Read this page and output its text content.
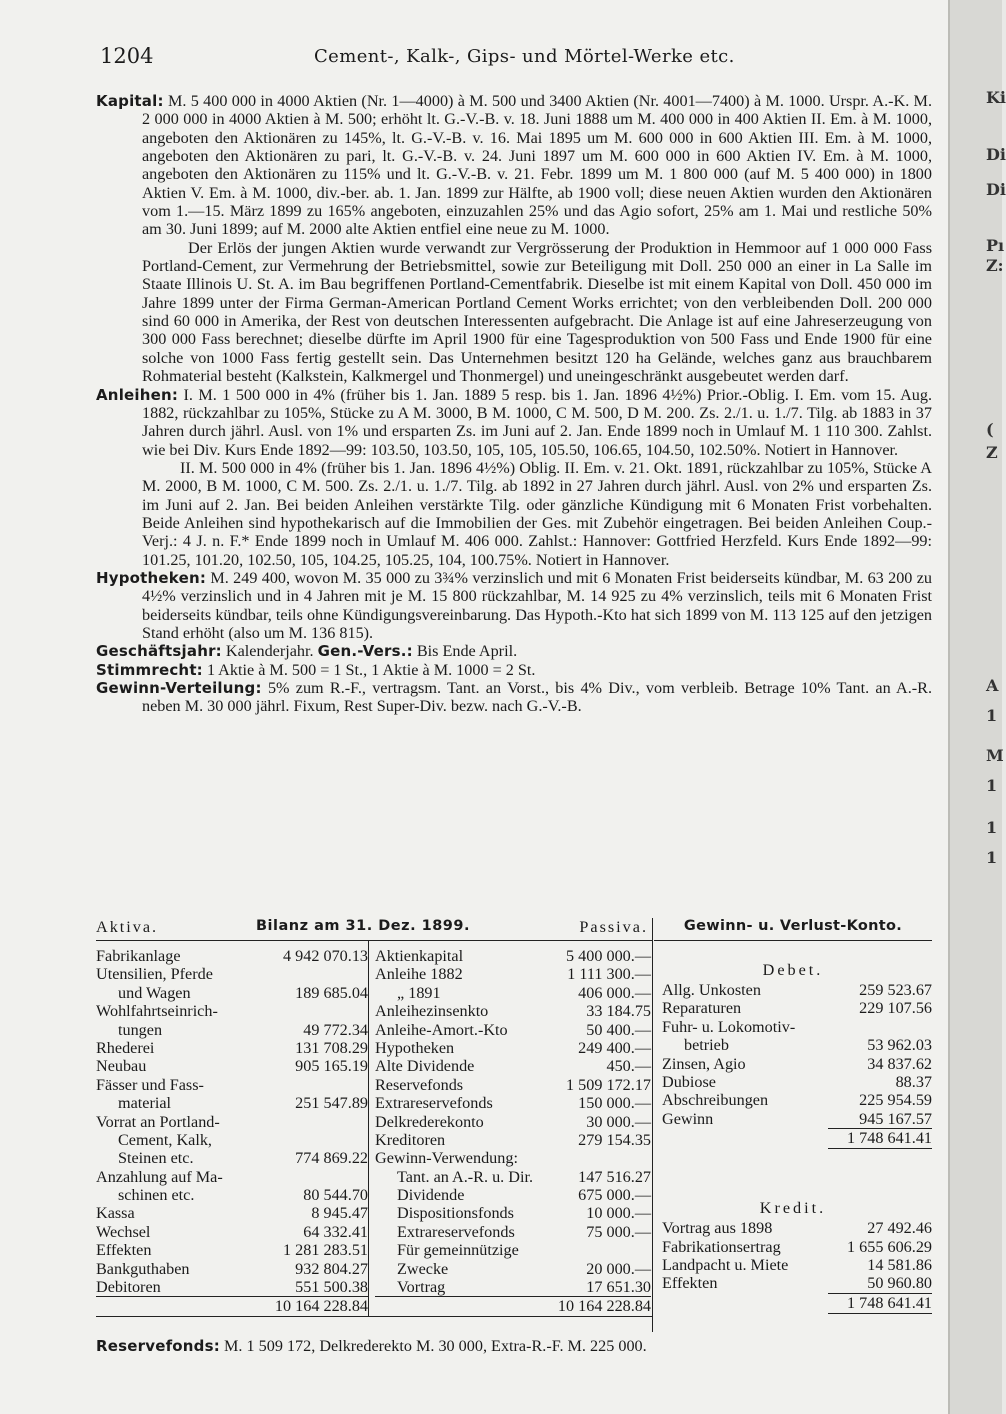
Ki
Di
Di
Pı
Z:
(
Z
A
1
M
1
1
1
1204	Cement-, Kalk-, Gips- und Mörtel-Werke etc.

Kapital: M. 5 400 000 in 4000 Aktien (Nr. 1—4000) à M. 500 und 3400 Aktien (Nr. 4001—7400) à M. 1000. Urspr. A.-K. M. 2 000 000 in 4000 Aktien à M. 500; erhöht lt. G.-V.-B. v. 18. Juni 1888 um M. 400 000 in 400 Aktien II. Em. à M. 1000, angeboten den Aktionären zu 145%, lt. G.-V.-B. v. 16. Mai 1895 um M. 600 000 in 600 Aktien III. Em. à M. 1000, angeboten den Aktionären zu pari, lt. G.-V.-B. v. 24. Juni 1897 um M. 600 000 in 600 Aktien IV. Em. à M. 1000, angeboten den Aktionären zu 115% und lt. G.-V.-B. v. 21. Febr. 1899 um M. 1 800 000 (auf M. 5 400 000) in 1800 Aktien V. Em. à M. 1000, div.-ber. ab. 1. Jan. 1899 zur Hälfte, ab 1900 voll; diese neuen Aktien wurden den Aktionären vom 1.—15. März 1899 zu 165% angeboten, einzuzahlen 25% und das Agio sofort, 25% am 1. Mai und restliche 50% am 30. Juni 1899; auf M. 2000 alte Aktien entfiel eine neue zu M. 1000.

Der Erlös der jungen Aktien wurde verwandt zur Vergrösserung der Produktion in Hemmoor auf 1 000 000 Fass Portland-Cement, zur Vermehrung der Betriebsmittel, sowie zur Beteiligung mit Doll. 250 000 an einer in La Salle im Staate Illinois U. St. A. im Bau begriffenen Portland-Cementfabrik. Dieselbe ist mit einem Kapital von Doll. 450 000 im Jahre 1899 unter der Firma German-American Portland Cement Works errichtet; von den verbleibenden Doll. 200 000 sind 60 000 in Amerika, der Rest von deutschen Interessenten aufgebracht. Die Anlage ist auf eine Jahreserzeugung von 300 000 Fass berechnet; dieselbe dürfte im April 1900 für eine Tagesproduktion von 500 Fass und Ende 1900 für eine solche von 1000 Fass fertig gestellt sein. Das Unternehmen besitzt 120 ha Gelände, welches ganz aus brauchbarem Rohmaterial besteht (Kalkstein, Kalkmergel und Thonmergel) und uneingeschränkt ausgebeutet werden darf.

Anleihen: I. M. 1 500 000 in 4% (früher bis 1. Jan. 1889 5 resp. bis 1. Jan. 1896 4½%) Prior.-Oblig. I. Em. vom 15. Aug. 1882, rückzahlbar zu 105%, Stücke zu A M. 3000, B M. 1000, C M. 500, D M. 200. Zs. 2./1. u. 1./7. Tilg. ab 1883 in 37 Jahren durch jährl. Ausl. von 1% und ersparten Zs. im Juni auf 2. Jan. Ende 1899 noch in Umlauf M. 1 110 300. Zahlst. wie bei Div. Kurs Ende 1892—99: 103.50, 103.50, 105, 105, 105.50, 106.65, 104.50, 102.50%. Notiert in Hannover.

II. M. 500 000 in 4% (früher bis 1. Jan. 1896 4½%) Oblig. II. Em. v. 21. Okt. 1891, rückzahlbar zu 105%, Stücke A M. 2000, B M. 1000, C M. 500. Zs. 2./1. u. 1./7. Tilg. ab 1892 in 27 Jahren durch jährl. Ausl. von 2% und ersparten Zs. im Juni auf 2. Jan. Bei beiden Anleihen verstärkte Tilg. oder gänzliche Kündigung mit 6 Monaten Frist vorbehalten. Beide Anleihen sind hypothekarisch auf die Immobilien der Ges. mit Zubehör eingetragen. Bei beiden Anleihen Coup.-Verj.: 4 J. n. F.* Ende 1899 noch in Umlauf M. 406 000. Zahlst.: Hannover: Gottfried Herzfeld. Kurs Ende 1892—99: 101.25, 101.20, 102.50, 105, 104.25, 105.25, 104, 100.75%. Notiert in Hannover.

Hypotheken: M. 249 400, wovon M. 35 000 zu 3¾% verzinslich und mit 6 Monaten Frist beiderseits kündbar, M. 63 200 zu 4½% verzinslich und in 4 Jahren mit je M. 15 800 rückzahlbar, M. 14 925 zu 4% verzinslich, teils mit 6 Monaten Frist beiderseits kündbar, teils ohne Kündigungsvereinbarung. Das Hypoth.-Kto hat sich 1899 von M. 113 125 auf den jetzigen Stand erhöht (also um M. 136 815).

Geschäftsjahr: Kalenderjahr. Gen.-Vers.: Bis Ende April.

Stimmrecht: 1 Aktie à M. 500 = 1 St., 1 Aktie à M. 1000 = 2 St.

Gewinn-Verteilung: 5% zum R.-F., vertragsm. Tant. an Vorst., bis 4% Div., vom verbleib. Betrage 10% Tant. an A.-R. neben M. 30 000 jährl. Fixum, Rest Super-Div. bezw. nach G.-V.-B.

Aktiva.	Bilanz am 31. Dez. 1899.	Passiva.
Fabrikanlage	4 942 070.13
Utensilien, Pferde
und Wagen	189 685.04
Wohlfahrtseinrich-
tungen	49 772.34
Rhederei	131 708.29
Neubau	905 165.19
Fässer und Fass-
material	251 547.89
Vorrat an Portland-
Cement, Kalk,
Steinen etc.	774 869.22
Anzahlung auf Ma-
schinen etc.	80 544.70
Kassa	8 945.47
Wechsel	64 332.41
Effekten	1 281 283.51
Bankguthaben	932 804.27
Debitoren	551 500.38
10 164 228.84
Aktienkapital	5 400 000.—
Anleihe 1882	1 111 300.—
„ 1891	406 000.—
Anleihezinsenkto	33 184.75
Anleihe-Amort.-Kto	50 400.—
Hypotheken	249 400.—
Alte Dividende	450.—
Reservefonds	1 509 172.17
Extrareservefonds	150 000.—
Delkrederekonto	30 000.—
Kreditoren	279 154.35
Gewinn-Verwendung:
Tant. an A.-R. u. Dir.	147 516.27
Dividende	675 000.—
Dispositionsfonds	10 000.—
Extrareservefonds	75 000.—
Für gemeinnützige
Zwecke	20 000.—
Vortrag	17 651.30
10 164 228.84
Gewinn- u. Verlust-Konto.
Debet.
Allg. Unkosten	259 523.67
Reparaturen	229 107.56
Fuhr- u. Lokomotiv-
betrieb	53 962.03
Zinsen, Agio	34 837.62
Dubiose	88.37
Abschreibungen	225 954.59
Gewinn	945 167.57
1 748 641.41
Kredit.
Vortrag aus 1898	27 492.46
Fabrikationsertrag	1 655 606.29
Landpacht u. Miete	14 581.86
Effekten	50 960.80
1 748 641.41
Reservefonds: M. 1 509 172, Delkrederekto M. 30 000, Extra-R.-F. M. 225 000.
